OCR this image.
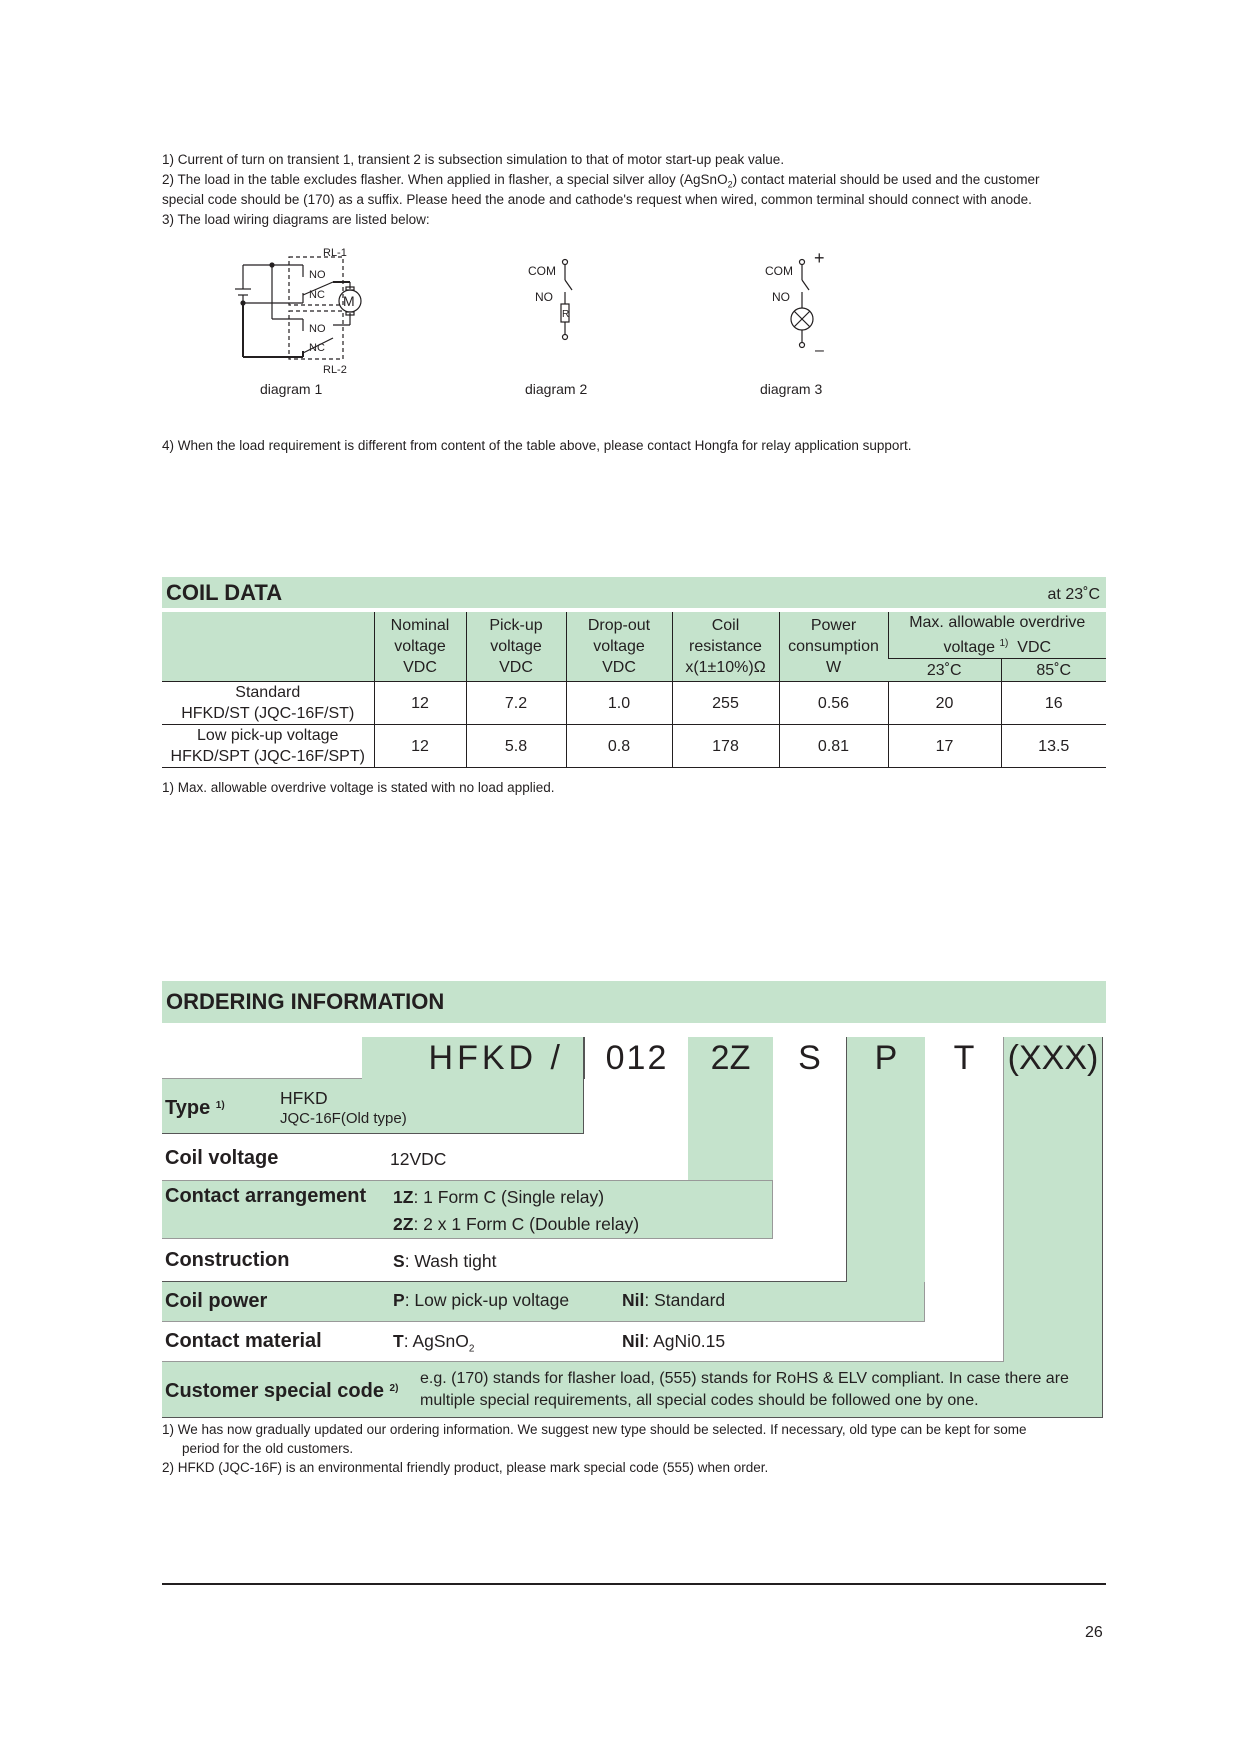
1) Current of turn on transient 1, transient 2 is subsection simulation to that of motor start-up peak value.
2) The load in the table excludes flasher. When applied in flasher, a special silver alloy (AgSnO$_2$) contact material should be used and the customer
special code should be (170) as a suffix. Please heed the anode and cathode's request when wired, common terminal should connect with anode.
3) The load wiring diagrams are listed below:
RL-1
NO
NC
NO
NC
M
RL-2
diagram 1
R
COM
NO
diagram 2
COM
NO
+
–
diagram 3
4) When the load requirement is different from content of the table above, please contact Hongfa for relay application support.
COIL DATA	at 23˚C

Nominal
voltage
VDC

Pick-up
voltage
VDC

Drop-out
voltage
VDC

Coil
resistance
x(1±10%)Ω

Power
consumption
W

Max. allowable overdrive
voltage $^{1)}$ VDC

						23˚C	85˚C

Standard
HFKD/ST (JQC-16F/ST)	12	7.2	1.0	255	0.56	20	16

Low pick-up voltage
HFKD/SPT (JQC-16F/SPT)	12	5.8	0.8	178	0.81	17	13.5
1) Max. allowable overdrive voltage is stated with no load applied.
ORDERING INFORMATION
HFKD /	012	2Z	S	P	T (XXX)
Type $^{1)}$	HFKD
JQC-16F(Old type)
Coil voltage	12VDC
Contact arrangement 1Z: 1 Form C (Single relay)
2Z: 2 x 1 Form C (Double relay)
Construction	S: Wash tight
Coil power	P: Low pick-up voltage	Nil: Standard
Contact material	T: AgSnO$_2$	Nil: AgNi0.15
Customer special code $^{2)}$
e.g. (170) stands for flasher load, (555) stands for RoHS & ELV compliant. In case there are
multiple special requirements, all special codes should be followed one by one.
1) We has now gradually updated our ordering information. We suggest new type should be selected. If necessary, old type can be kept for some
period for the old customers.
2) HFKD (JQC-16F) is an environmental friendly product, please mark special code (555) when order.
26
